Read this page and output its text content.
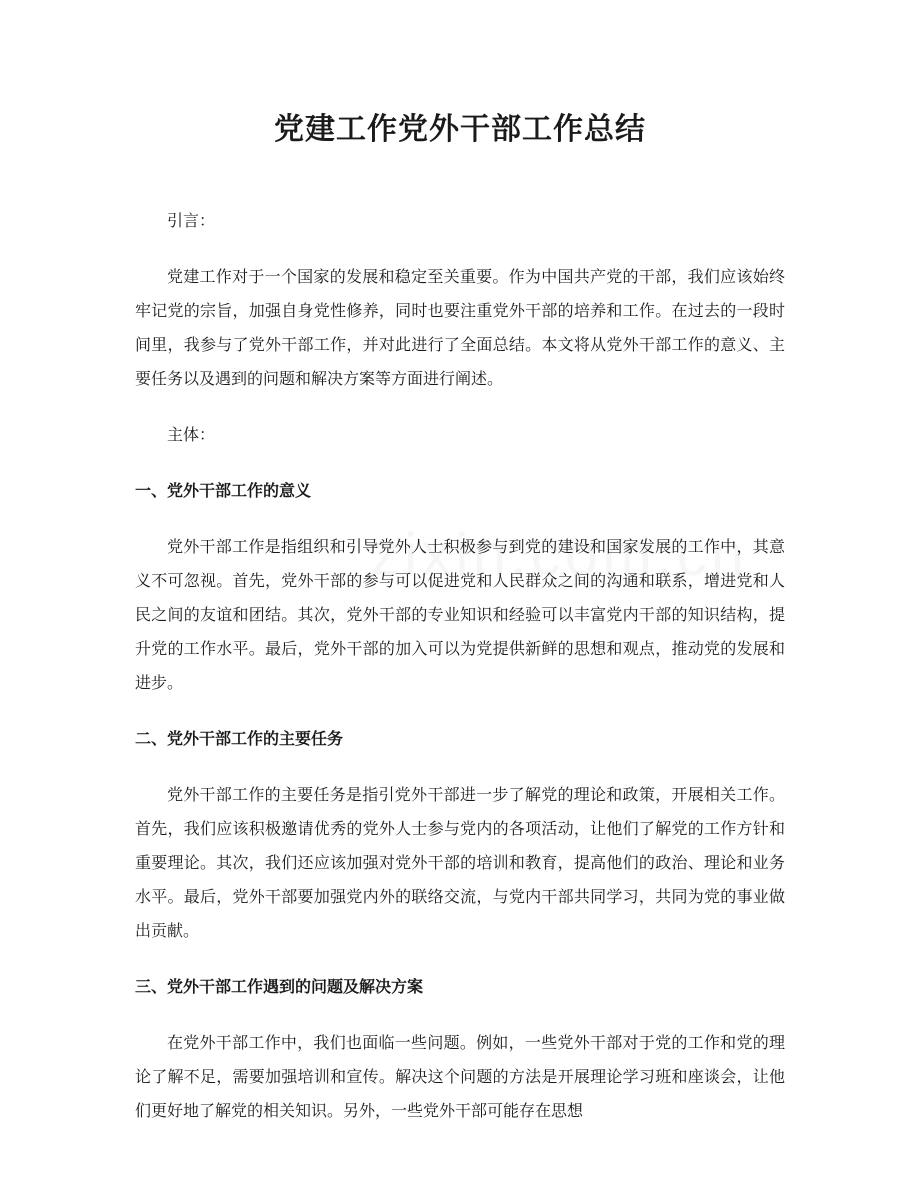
党建工作党外干部工作总结

引言：

党建工作对于一个国家的发展和稳定至关重要。作为中国共产党的干部，我们应该始终牢记党的宗旨，加强自身党性修养，同时也要注重党外干部的培养和工作。在过去的一段时间里，我参与了党外干部工作，并对此进行了全面总结。本文将从党外干部工作的意义、主要任务以及遇到的问题和解决方案等方面进行阐述。

主体：

一、党外干部工作的意义

党外干部工作是指组织和引导党外人士积极参与到党的建设和国家发展的工作中，其意义不可忽视。首先，党外干部的参与可以促进党和人民群众之间的沟通和联系，增进党和人民之间的友谊和团结。其次，党外干部的专业知识和经验可以丰富党内干部的知识结构，提升党的工作水平。最后，党外干部的加入可以为党提供新鲜的思想和观点，推动党的发展和进步。

二、党外干部工作的主要任务

党外干部工作的主要任务是指引党外干部进一步了解党的理论和政策，开展相关工作。首先，我们应该积极邀请优秀的党外人士参与党内的各项活动，让他们了解党的工作方针和重要理论。其次，我们还应该加强对党外干部的培训和教育，提高他们的政治、理论和业务水平。最后，党外干部要加强党内外的联络交流，与党内干部共同学习，共同为党的事业做出贡献。

三、党外干部工作遇到的问题及解决方案

在党外干部工作中，我们也面临一些问题。例如，一些党外干部对于党的工作和党的理论了解不足，需要加强培训和宣传。解决这个问题的方法是开展理论学习班和座谈会，让他们更好地了解党的相关知识。另外，一些党外干部可能存在思想
